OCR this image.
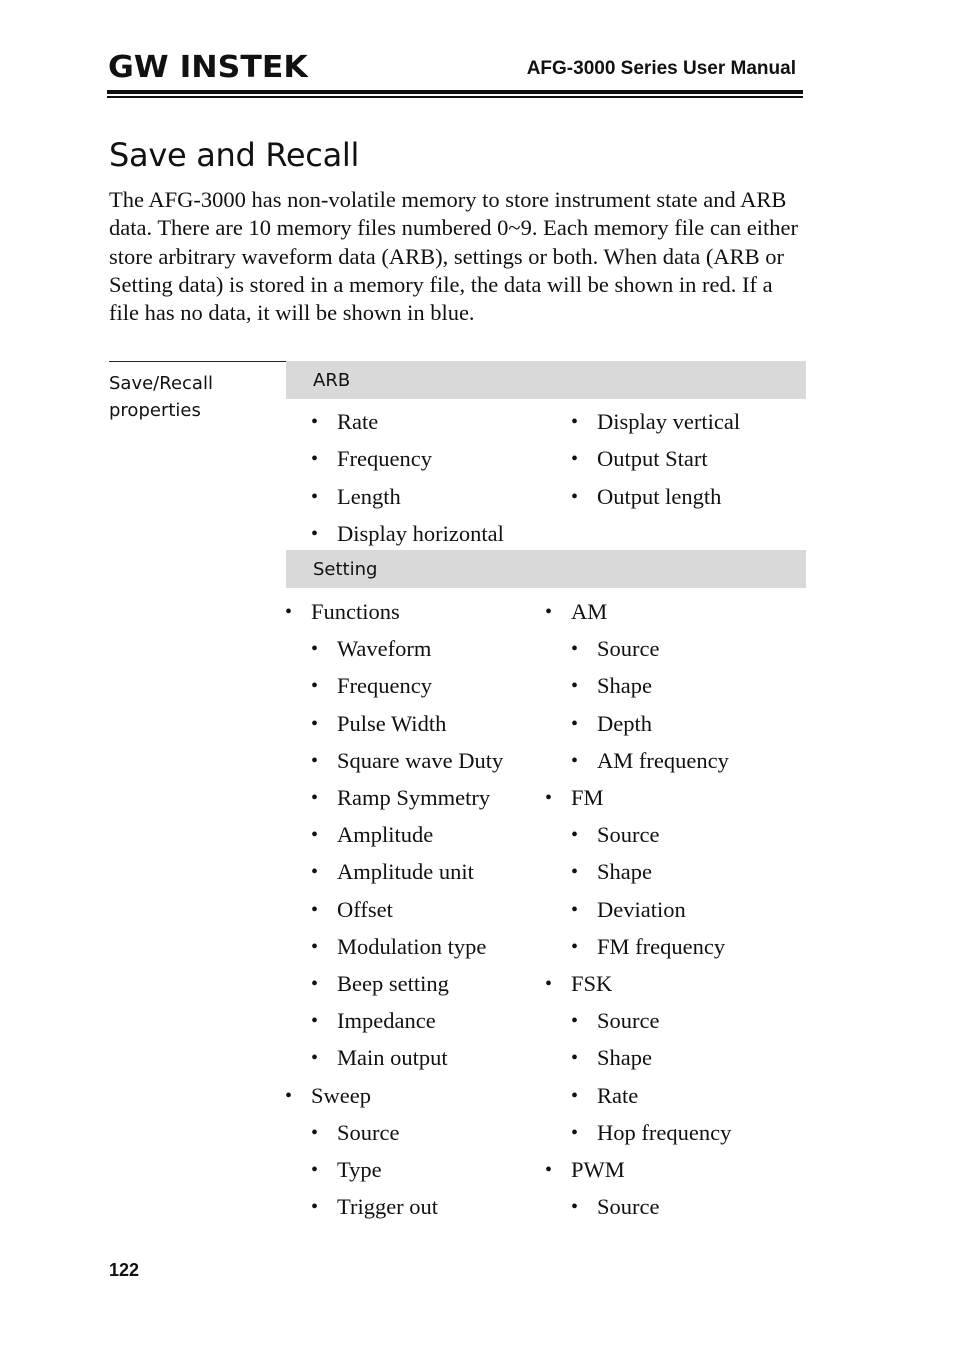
GW INSTEK	AFG-3000 Series User Manual
Save and Recall

The AFG-3000 has non-volatile memory to store instrument state and ARB data. There are 10 memory files numbered 0~9. Each memory file can either store arbitrary waveform data (ARB), settings or both. When data (ARB or Setting data) is stored in a memory file, the data will be shown in red. If a file has no data, it will be shown in blue.

Save/Recall properties
ARB
Setting
• Rate
• Frequency
• Length
• Display horizontal
• Display vertical
• Output Start
• Output length
• Functions
• Waveform
• Frequency
• Pulse Width
• Square wave Duty
• Ramp Symmetry
• Amplitude
• Amplitude unit
• Offset
• Modulation type
• Beep setting
• Impedance
• Main output
• Sweep
• Source
• Type
• Trigger out
• AM
• Source
• Shape
• Depth
• AM frequency
• FM
• Source
• Shape
• Deviation
• FM frequency
• FSK
• Source
• Shape
• Rate
• Hop frequency
• PWM
• Source
122
